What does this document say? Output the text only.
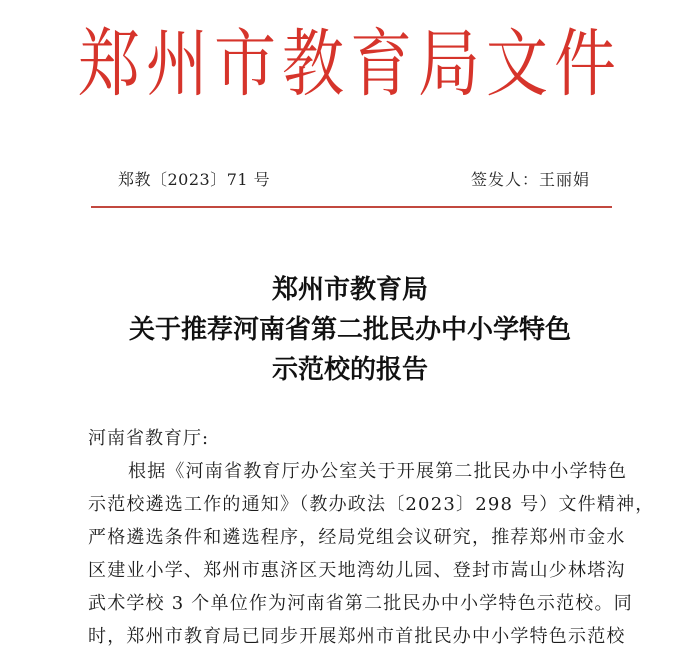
郑州市教育局文件
郑教〔2023〕71 号	签发人：王丽娟
郑州市教育局
关于推荐河南省第二批民办中小学特色
示范校的报告
河南省教育厅:
根据《河南省教育厅办公室关于开展第二批民办中小学特色
示范校遴选工作的通知》（教办政法〔2023〕298 号）文件精神，
严格遴选条件和遴选程序，经局党组会议研究，推荐郑州市金水
区建业小学、郑州市惠济区天地湾幼儿园、登封市嵩山少林塔沟
武术学校 3 个单位作为河南省第二批民办中小学特色示范校。同
时，郑州市教育局已同步开展郑州市首批民办中小学特色示范校
